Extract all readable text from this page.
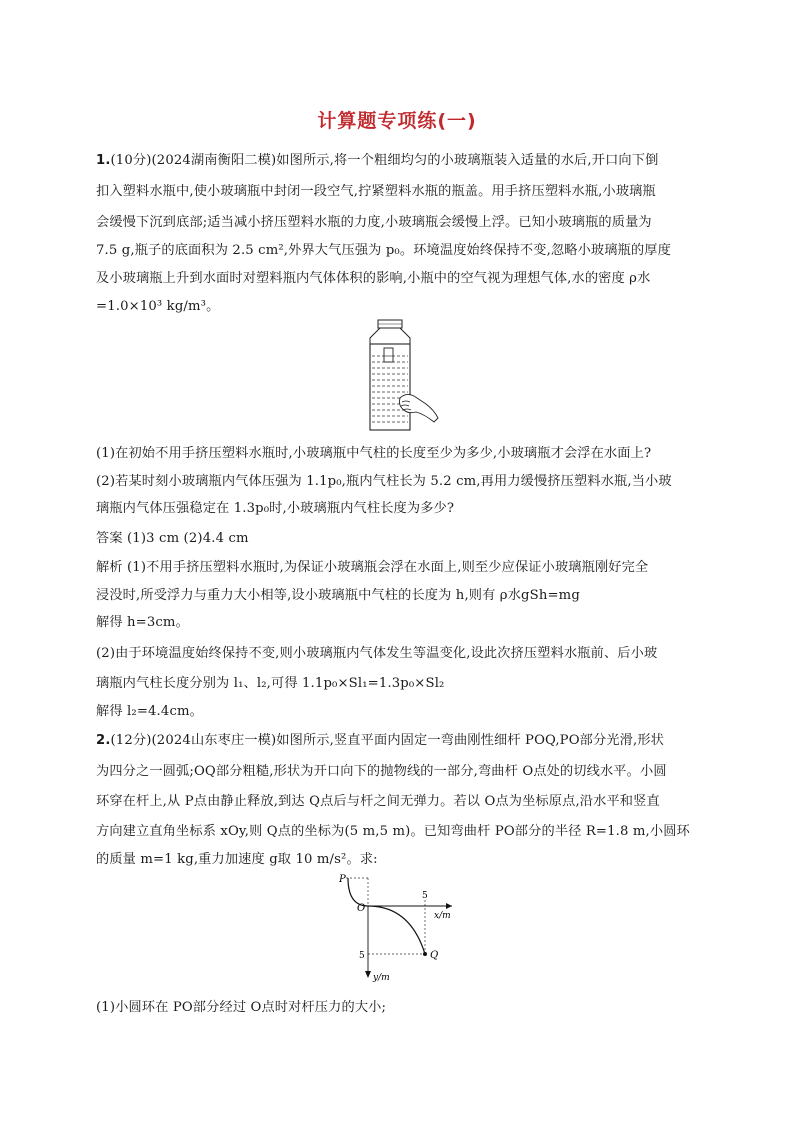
计算题专项练(一)
1.(10分)(2024湖南衡阳二模)如图所示,将一个粗细均匀的小玻璃瓶装入适量的水后,开口向下倒
扣入塑料水瓶中,使小玻璃瓶中封闭一段空气,拧紧塑料水瓶的瓶盖。用手挤压塑料水瓶,小玻璃瓶
会缓慢下沉到底部;适当减小挤压塑料水瓶的力度,小玻璃瓶会缓慢上浮。已知小玻璃瓶的质量为
7.5 g,瓶子的底面积为 2.5 cm²,外界大气压强为 p₀。环境温度始终保持不变,忽略小玻璃瓶的厚度
及小玻璃瓶上升到水面时对塑料瓶内气体体积的影响,小瓶中的空气视为理想气体,水的密度 ρ水
=1.0×10³ kg/m³。
(1)在初始不用手挤压塑料水瓶时,小玻璃瓶中气柱的长度至少为多少,小玻璃瓶才会浮在水面上?
(2)若某时刻小玻璃瓶内气体压强为 1.1p₀,瓶内气柱长为 5.2 cm,再用力缓慢挤压塑料水瓶,当小玻
璃瓶内气体压强稳定在 1.3p₀时,小玻璃瓶内气柱长度为多少?
答案 (1)3 cm (2)4.4 cm
解析 (1)不用手挤压塑料水瓶时,为保证小玻璃瓶会浮在水面上,则至少应保证小玻璃瓶刚好完全
浸没时,所受浮力与重力大小相等,设小玻璃瓶中气柱的长度为 h,则有 ρ水gSh=mg
解得 h=3cm。
(2)由于环境温度始终保持不变,则小玻璃瓶内气体发生等温变化,设此次挤压塑料水瓶前、后小玻
璃瓶内气柱长度分别为 l₁、l₂,可得 1.1p₀×Sl₁=1.3p₀×Sl₂
解得 l₂=4.4cm。
2.(12分)(2024山东枣庄一模)如图所示,竖直平面内固定一弯曲刚性细杆 POQ,PO部分光滑,形状
为四分之一圆弧;OQ部分粗糙,形状为开口向下的抛物线的一部分,弯曲杆 O点处的切线水平。小圆
环穿在杆上,从 P点由静止释放,到达 Q点后与杆之间无弹力。若以 O点为坐标原点,沿水平和竖直
方向建立直角坐标系 xOy,则 Q点的坐标为(5 m,5 m)。已知弯曲杆 PO部分的半径 R=1.8 m,小圆环
的质量 m=1 kg,重力加速度 g取 10 m/s²。求:
P
O
Q
x/m
y/m
5
5
(1)小圆环在 PO部分经过 O点时对杆压力的大小;
